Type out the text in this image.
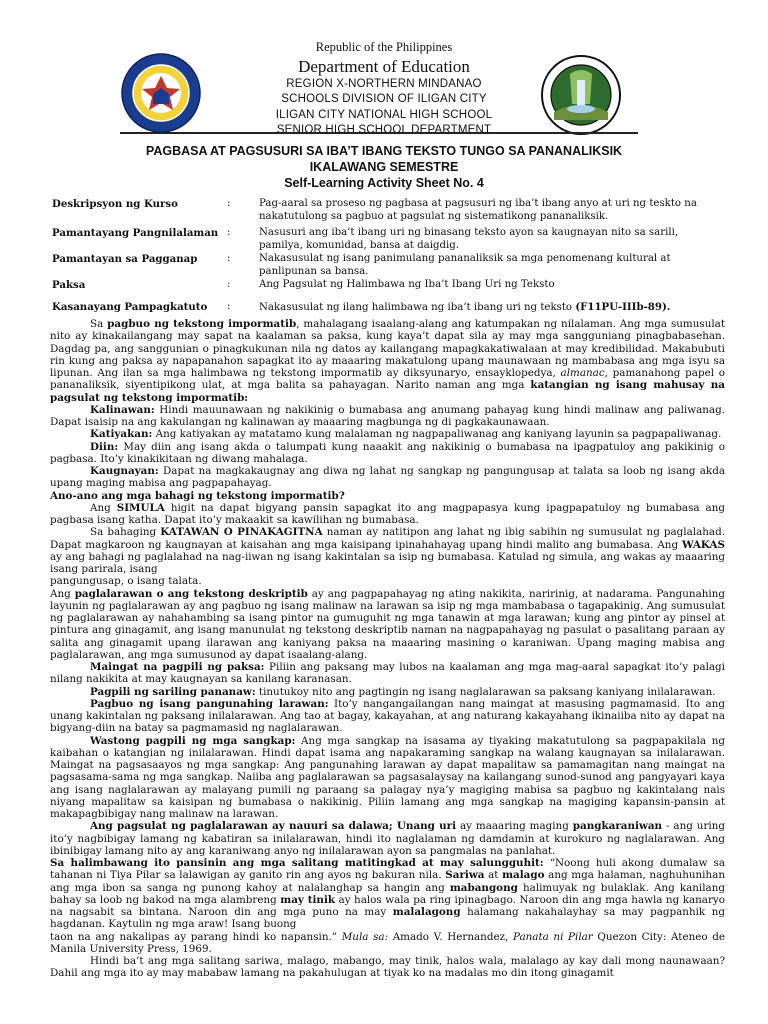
Republic of the Philippines
Department of Education
REGION X-NORTHERN MINDANAO
SCHOOLS DIVISION OF ILIGAN CITY
ILIGAN CITY NATIONAL HIGH SCHOOL
SENIOR HIGH SCHOOL DEPARTMENT
PAGBASA AT PAGSUSURI SA IBA’T IBANG TEKSTO TUNGO SA PANANALIKSIK
IKALAWANG SEMESTRE
Self-Learning Activity Sheet No. 4
Deskripsyon ng Kurso	:	Pag-aaral sa proseso ng pagbasa at pagsusuri ng iba’t ibang anyo at uri ng teskto na nakatutulong sa pagbuo at pagsulat ng sistematikong pananaliksik.
Pamantayang Pangnilalaman :	Nasusuri ang iba’t ibang uri ng binasang teksto ayon sa kaugnayan nito sa sarili, pamilya, komunidad, bansa at daigdig.
Pamantayan sa Pagganap	:	Nakasusulat ng isang panimulang pananaliksik sa mga penomenang kultural at panlipunan sa bansa.
Paksa	:	Ang Pagsulat ng Halimbawa ng Iba’t Ibang Uri ng Teksto
Kasanayang Pampagkatuto	:	Nakasusulat ng ilang halimbawa ng iba’t ibang uri ng teksto (F11PU-IIIb-89).

Sa pagbuo ng tekstong impormatib, mahalagang isaalang-alang ang katumpakan ng nilalaman. Ang mga sumusulat nito ay kinakailangang may sapat na kaalaman sa paksa, kung kaya’t dapat sila ay may mga sangguniang pinagbabasehan. Dagdag pa, ang sanggunian o pinagkukunan nila ng datos ay kailangang mapagkakatiwalaan at may kredibilidad. Makabubuti rin kung ang paksa ay napapanahon sapagkat ito ay maaaring makatulong upang maunawaan ng mambabasa ang mga isyu sa lipunan. Ang ilan sa mga halimbawa ng tekstong impormatib ay diksyunaryo, ensayklopedya, almanac, pamanahong papel o pananaliksik, siyentipikong ulat, at mga balita sa pahayagan. Narito naman ang mga katangian ng isang mahusay na pagsulat ng tekstong impormatib:

Kalinawan: Hindi mauunawaan ng nakikinig o bumabasa ang anumang pahayag kung hindi malinaw ang paliwanag. Dapat isaisip na ang kakulangan ng kalinawan ay maaaring magbunga ng di pagkakaunawaan.

Katiyakan: Ang katiyakan ay matatamo kung malalaman ng nagpapaliwanag ang kaniyang layunin sa pagpapaliwanag.

Diin: May diin ang isang akda o talumpati kung naaakit ang nakikinig o bumabasa na ipagpatuloy ang pakikinig o pagbasa. Ito’y kinakikitaan ng diwang mahalaga.

Kaugnayan: Dapat na magkakaugnay ang diwa ng lahat ng sangkap ng pangungusap at talata sa loob ng isang akda upang maging mabisa ang pagpapahayag.

Ano-ano ang mga bahagi ng tekstong impormatib?

Ang SIMULA higit na dapat bigyang pansin sapagkat ito ang magpapasya kung ipagpapatuloy ng bumabasa ang pagbasa isang katha. Dapat ito’y makaakit sa kawilihan ng bumabasa.

Sa bahaging KATAWAN O PINAKAGITNA naman ay natitipon ang lahat ng ibig sabihin ng sumusulat ng paglalahad. Dapat magkaroon ng kaugnayan at kaisahan ang mga kaisipang ipinahahayag upang hindi malito ang bumabasa. Ang WAKAS ay ang bahagi ng paglalahad na nag-iiwan ng isang kakintalan sa isip ng bumabasa. Katulad ng simula, ang wakas ay maaaring isang parirala, isang

pangungusap, o isang talata.

Ang paglalarawan o ang tekstong deskriptib ay ang pagpapahayag ng ating nakikita, naririnig, at nadarama. Pangunahing layunin ng paglalarawan ay ang pagbuo ng isang malinaw na larawan sa isip ng mga mambabasa o tagapakinig. Ang sumusulat ng paglalarawan ay nahahambing sa isang pintor na gumuguhit ng mga tanawin at mga larawan; kung ang pintor ay pinsel at pintura ang ginagamit, ang isang manunulat ng tekstong deskriptib naman na nagpapahayag ng pasulat o pasalitang paraan ay salita ang ginagamit upang ilarawan ang kaniyang paksa na maaaring masining o karaniwan. Upang maging mabisa ang paglalarawan, ang mga sumusunod ay dapat isaalang-alang.

Maingat na pagpili ng paksa: Piliin ang paksang may lubos na kaalaman ang mga mag-aaral sapagkat ito’y palagi nilang nakikita at may kaugnayan sa kanilang karanasan.

Pagpili ng sariling pananaw: tinutukoy nito ang pagtingin ng isang naglalarawan sa paksang kaniyang inilalarawan.

Pagbuo ng isang pangunahing larawan: Ito’y nangangailangan nang maingat at masusing pagmamasid. Ito ang unang kakintalan ng paksang inilalarawan. Ang tao at bagay, kakayahan, at ang naturang kakayahang ikinaiiba nito ay dapat na bigyang-diin na batay sa pagmamasid ng naglalarawan.

Wastong pagpili ng mga sangkap: Ang mga sangkap na isasama ay tiyaking makatutulong sa pagpapakilala ng kaibahan o katangian ng inilalarawan. Hindi dapat isama ang napakaraming sangkap na walang kaugnayan sa inilalarawan. Maingat na pagsasaayos ng mga sangkap: Ang pangunahing larawan ay dapat mapalitaw sa pamamagitan nang maingat na pagsasama-sama ng mga sangkap. Naiiba ang paglalarawan sa pagsasalaysay na kailangang sunod-sunod ang pangyayari kaya ang isang naglalarawan ay malayang pumili ng paraang sa palagay nya’y magiging mabisa sa pagbuo ng kakintalang nais niyang mapalitaw sa kaisipan ng bumabasa o nakikinig. Piliin lamang ang mga sangkap na magiging kapansin-pansin at makapagbibigay nang malinaw na larawan.

Ang pagsulat ng paglalarawan ay nauuri sa dalawa; Unang uri ay maaaring maging pangkaraniwan - ang uring ito’y nagbibigay lamang ng kabatiran sa inilalarawan, hindi ito naglalaman ng damdamin at kurokuro ng naglalarawan. Ang ibinibigay lamang nito ay ang karaniwang anyo ng inilalarawan ayon sa pangmalas na panlahat.

Sa halimbawang ito pansinin ang mga salitang matitingkad at may salungguhit: “Noong huli akong dumalaw sa tahanan ni Tiya Pilar sa lalawigan ay ganito rin ang ayos ng bakuran nila. Sariwa at malago ang mga halaman, naghuhunihan ang mga ibon sa sanga ng punong kahoy at nalalanghap sa hangin ang mabangong halimuyak ng bulaklak. Ang kanilang bahay sa loob ng bakod na mga alambreng may tinik ay halos wala pa ring ipinagbago. Naroon din ang mga hawla ng kanaryo na nagsabit sa bintana. Naroon din ang mga puno na may malalagong halamang nakahalayhay sa may pagpanhik ng hagdanan. Kaytulin ng mga araw! Isang buong

taon na ang nakalipas ay parang hindi ko napansin.” Mula sa: Amado V. Hernandez, Panata ni Pilar Quezon City: Ateneo de Manila University Press, 1969.

Hindi ba’t ang mga salitang sariwa, malago, mabango, may tinik, halos wala, malalago ay kay dali mong naunawaan? Dahil ang mga ito ay may mababaw lamang na pakahulugan at tiyak ko na madalas mo din itong ginagamit
